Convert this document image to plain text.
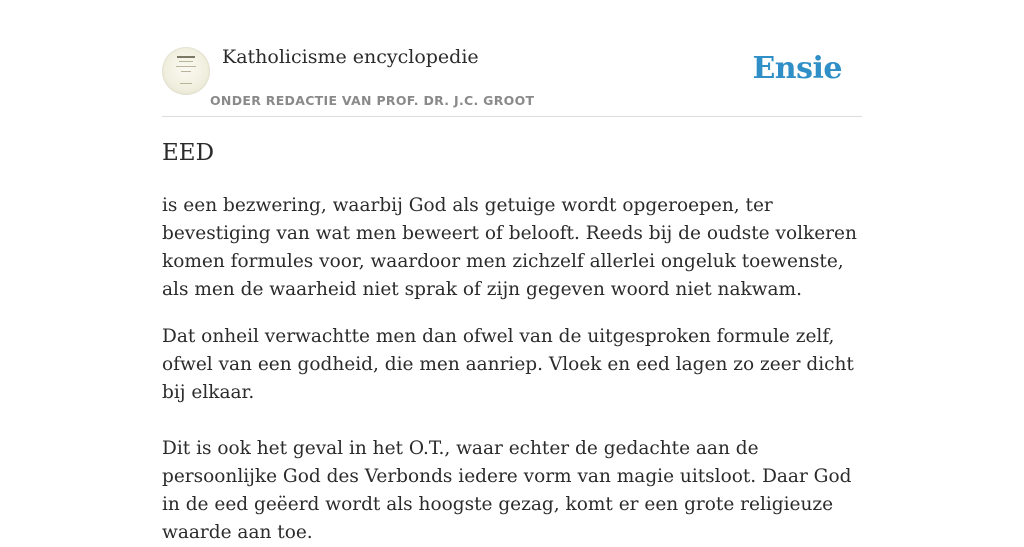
Katholicisme encyclopedie
ONDER REDACTIE VAN PROF. DR. J.C. GROOT
Ensie
EED

is een bezwering, waarbij God als getuige wordt opgeroepen, ter bevestiging van wat men beweert of belooft. Reeds bij de oudste volkeren komen formules voor, waardoor men zichzelf allerlei ongeluk toewenste, als men de waarheid niet sprak of zijn gegeven woord niet nakwam.

Dat onheil verwachtte men dan ofwel van de uitgesproken formule zelf, ofwel van een godheid, die men aanriep. Vloek en eed lagen zo zeer dicht bij elkaar.

Dit is ook het geval in het O.T., waar echter de gedachte aan de persoonlijke God des Verbonds iedere vorm van magie uitsloot. Daar God in de eed geëerd wordt als hoogste gezag, komt er een grote religieuze waarde aan toe.
